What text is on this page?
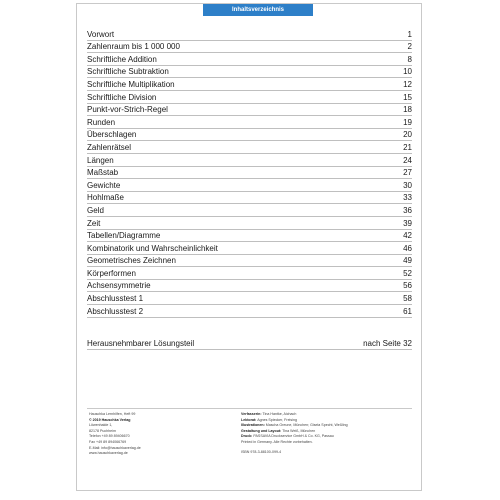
Inhaltsverzeichnis
Vorwort	1
Zahlenraum bis 1 000 000	2
Schriftliche Addition	8
Schriftliche Subtraktion	10
Schriftliche Multiplikation	12
Schriftliche Division	15
Punkt-vor-Strich-Regel	18
Runden	19
Überschlagen	20
Zahlenrätsel	21
Längen	24
Maßstab	27
Gewichte	30
Hohlmaße	33
Geld	36
Zeit	39
Tabellen/Diagramme	42
Kombinatorik und Wahrscheinlichkeit	46
Geometrisches Zeichnen	49
Körperformen	52
Achsensymmetrie	56
Abschlusstest 1	58
Abschlusstest 2	61
Herausnehmbarer Lösungsteil	nach Seite 32
Hauschka Lernhilfen, Heft 99
© 2019 Hauschka Verlag
Löwenhalde 1,
82178 Puchheim
Telefon +49 89 89406670
Fax +49 89 894066769
E-Mail: info@hauschkaverlag.de
www.hauschkaverlag.de
Verfasserin: Tina Hantke, Aichach
Lektorat: Agnes Spiecker, Freising
Illustrationen: Mascha Greune, München; Gisela Specht, Weßling
Gestaltung und Layout: Tina Weiß, München
Druck: PASSAVIA Druckservice GmbH & Co. KG, Passau
Printed in Germany. Alle Rechte vorbehalten.
ISBN 978-3-88100-099-4
